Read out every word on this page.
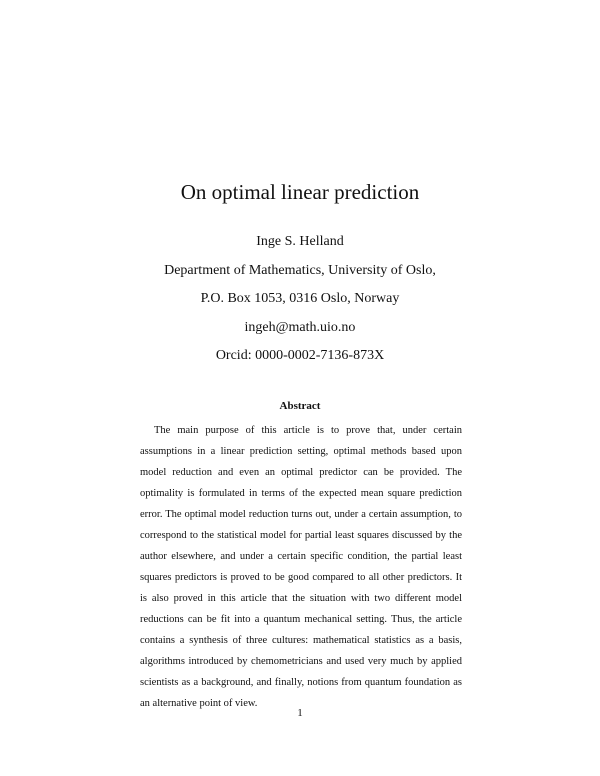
On optimal linear prediction
Inge S. Helland
Department of Mathematics, University of Oslo,
P.O. Box 1053, 0316 Oslo, Norway
ingeh@math.uio.no
Orcid: 0000-0002-7136-873X
Abstract

The main purpose of this article is to prove that, under certain assumptions in a linear prediction setting, optimal methods based upon model reduction and even an optimal predictor can be provided. The optimality is formulated in terms of the expected mean square prediction error. The optimal model reduction turns out, under a certain assumption, to correspond to the statistical model for partial least squares discussed by the author elsewhere, and under a certain specific condition, the partial least squares predictors is proved to be good compared to all other predictors. It is also proved in this article that the situation with two different model reductions can be fit into a quantum mechanical setting. Thus, the article contains a synthesis of three cultures: mathematical statistics as a basis, algorithms introduced by chemometricians and used very much by applied scientists as a background, and finally, notions from quantum foundation as an alternative point of view.

1
